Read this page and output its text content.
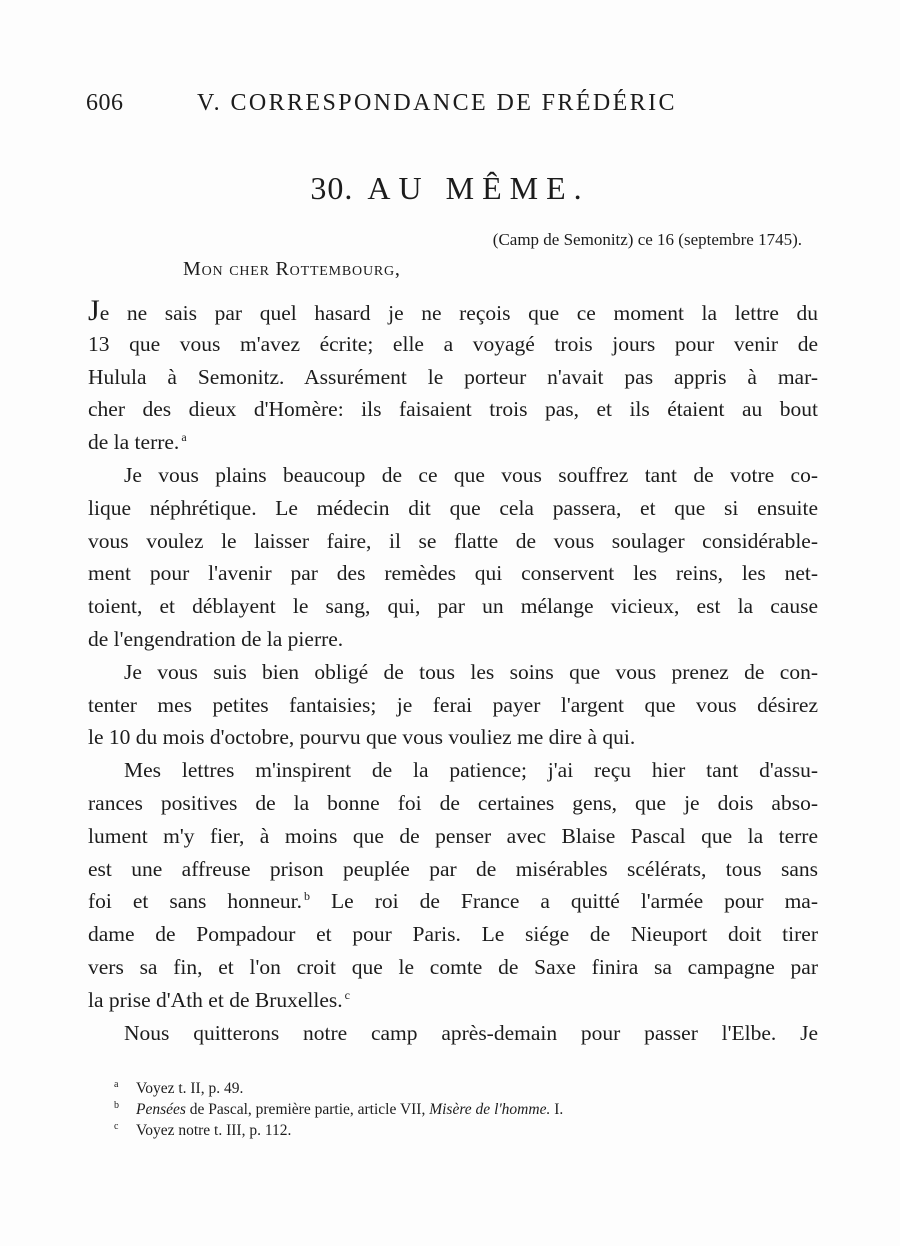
606	V. CORRESPONDANCE DE FRÉDÉRIC
30. AU MÊME.
(Camp de Semonitz) ce 16 (septembre 1745).
Mon cher Rottembourg,
Je ne sais par quel hasard je ne reçois que ce moment la lettre du
13 que vous m'avez écrite; elle a voyagé trois jours pour venir de
Hulula à Semonitz. Assurément le porteur n'avait pas appris à mar-
cher des dieux d'Homère: ils faisaient trois pas, et ils étaient au bout
de la terre. $^a$
Je vous plains beaucoup de ce que vous souffrez tant de votre co-
lique néphrétique. Le médecin dit que cela passera, et que si ensuite
vous voulez le laisser faire, il se flatte de vous soulager considérable-
ment pour l'avenir par des remèdes qui conservent les reins, les net-
toient, et déblayent le sang, qui, par un mélange vicieux, est la cause
de l'engendration de la pierre.
Je vous suis bien obligé de tous les soins que vous prenez de con-
tenter mes petites fantaisies; je ferai payer l'argent que vous désirez
le 10 du mois d'octobre, pourvu que vous vouliez me dire à qui.
Mes lettres m'inspirent de la patience; j'ai reçu hier tant d'assu-
rances positives de la bonne foi de certaines gens, que je dois abso-
lument m'y fier, à moins que de penser avec Blaise Pascal que la terre
est une affreuse prison peuplée par de misérables scélérats, tous sans
foi et sans honneur. $^b$ Le roi de France a quitté l'armée pour ma-
dame de Pompadour et pour Paris. Le siége de Nieuport doit tirer
vers sa fin, et l'on croit que le comte de Saxe finira sa campagne par
la prise d'Ath et de Bruxelles. $^c$
Nous quitterons notre camp après-demain pour passer l'Elbe. Je
a Voyez t. II, p. 49.
b Pensées de Pascal, première partie, article VII, Misère de l'homme. I.
c Voyez notre t. III, p. 112.
